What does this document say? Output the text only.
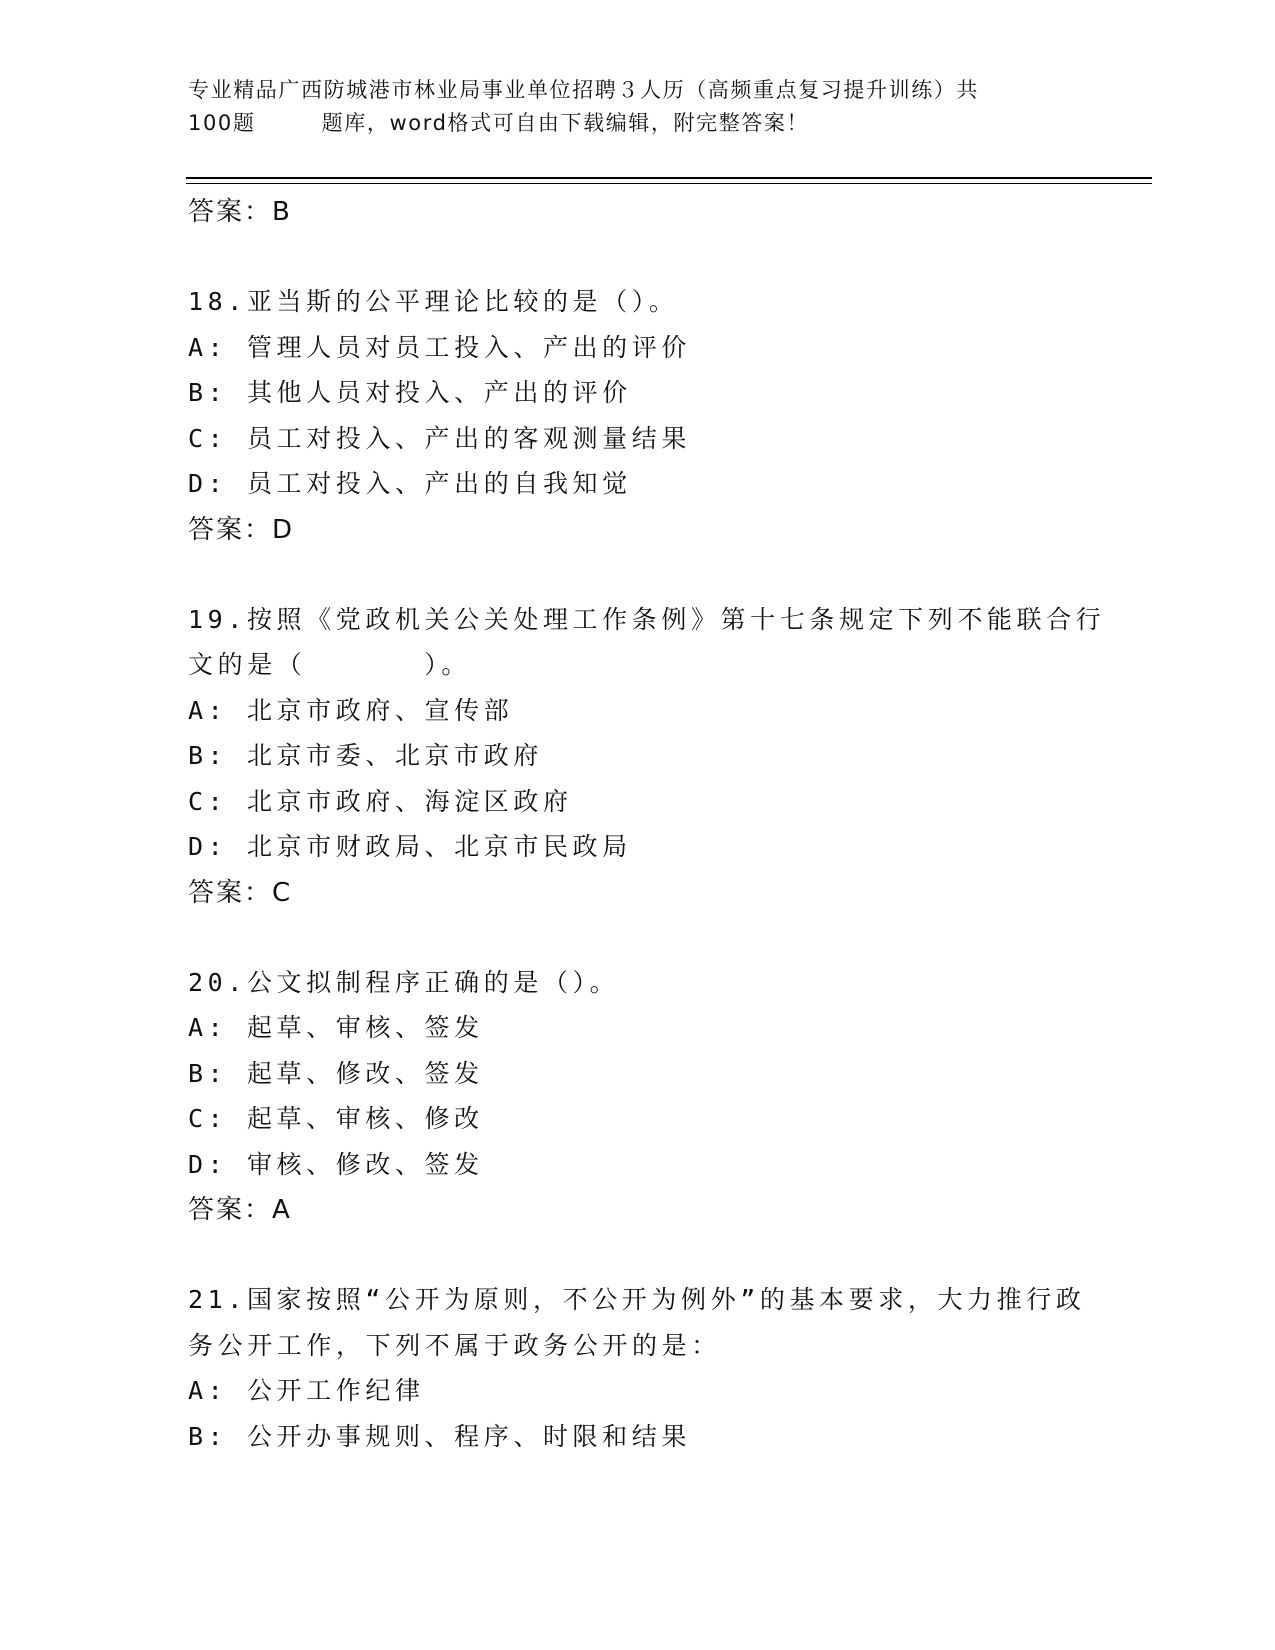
专业精品广西防城港市林业局事业单位招聘３人历（高频重点复习提升训练）共
100题        题库，word格式可自由下载编辑，附完整答案！
答案：B
18.亚当斯的公平理论比较的是（）。
A: 管理人员对员工投入、产出的评价
B: 其他人员对投入、产出的评价
C: 员工对投入、产出的客观测量结果
D: 员工对投入、产出的自我知觉
答案：D
19.按照《党政机关公关处理工作条例》第十七条规定下列不能联合行
文的是（      ）。
A: 北京市政府、宣传部
B: 北京市委、北京市政府
C: 北京市政府、海淀区政府
D: 北京市财政局、北京市民政局
答案：C
20.公文拟制程序正确的是（）。
A: 起草、审核、签发
B: 起草、修改、签发
C: 起草、审核、修改
D: 审核、修改、签发
答案：A
21.国家按照“公开为原则，不公开为例外”的基本要求，大力推行政
务公开工作，下列不属于政务公开的是：
A: 公开工作纪律
B: 公开办事规则、程序、时限和结果
